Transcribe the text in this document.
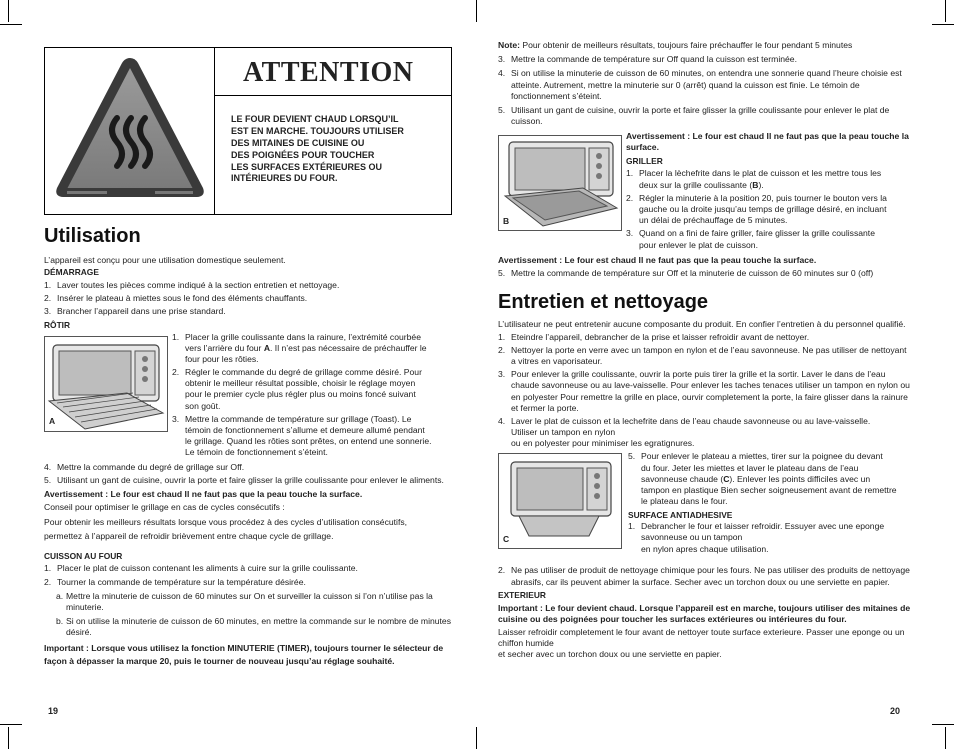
ATTENTION
LE FOUR DEVIENT CHAUD LORSQU’IL
EST EN MARCHE. TOUJOURS UTILISER
DES MITAINES DE CUISINE OU
DES POIGNÉES POUR TOUCHER
LES SURFACES EXTÉRIEURES OU
INTÉRIEURES DU FOUR.
Utilisation

L’appareil est conçu pour une utilisation domestique seulement.

DÉMARRAGE

1. Laver toutes les pièces comme indiqué à la section entretien et nettoyage.
2. Insérer le plateau à miettes sous le fond des éléments chauffants.
3. Brancher l’appareil dans une prise standard.

RÔTIR

A
1. Placer la grille coulissante dans la rainure, l’extrémité courbée
vers l’arrière du four A. Il n’est pas nécessaire de préchauffer le
four pour les rôties.
2. Régler le commande du degré de grillage comme désiré. Pour
obtenir le meilleur résultat possible, choisir le réglage moyen
pour le premier cycle plus régler plus ou moins foncé suivant
son goût.
3. Mettre la commande de température sur grillage (Toast). Le
témoin de fonctionnement s’allume et demeure allumé pendant
le grillage. Quand les rôties sont prêtes, on entend une sonnerie.
Le témoin de fonctionnement s’éteint.
4. Mettre la commande du degré de grillage sur Off.
5. Utilisant un gant de cuisine, ouvrir la porte et faire glisser la grille coulissante pour enlever le aliments.

Avertissement : Le four est chaud Il ne faut pas que la peau touche la surface.

Conseil pour optimiser le grillage en cas de cycles consécutifs :

Pour obtenir les meilleurs résultats lorsque vous procédez à des cycles d’utilisation consécutifs,

permettez à l’appareil de refroidir brièvement entre chaque cycle de grillage.

CUISSON AU FOUR

1. Placer le plat de cuisson contenant les aliments à cuire sur la grille coulissante.
2. Tourner la commande de température sur la température désirée.
a. Mettre la minuterie de cuisson de 60 minutes sur On et surveiller la cuisson si l’on n’utilise pas la minuterie.
b. Si on utilise la minuterie de cuisson de 60 minutes, en mettre la commande sur le nombre de minutes désiré.

Important : Lorsque vous utilisez la fonction MINUTERIE (TIMER), toujours tourner le sélecteur de façon à dépasser la marque 20, puis le tourner de nouveau jusqu’au réglage souhaité.

19

Note: Pour obtenir de meilleurs résultats, toujours faire préchauffer le four pendant 5 minutes

3. Mettre la commande de température sur Off quand la cuisson est terminée.
4. Si on utilise la minuterie de cuisson de 60 minutes, on entendra une sonnerie quand l’heure choisie est atteinte. Autrement, mettre la minuterie sur 0 (arrêt) quand la cuisson est finie. Le témoin de fonctionnement s’éteint.
5. Utilisant un gant de cuisine, ouvrir la porte et faire glisser la grille coulissante pour enlever le plat de cuisson.
B

Avertissement : Le four est chaud Il ne faut pas que la peau touche la surface.

GRILLER

1. Placer la lèchefrite dans le plat de cuisson et les mettre tous les
deux sur la grille coulissante (B).
2. Régler la minuterie à la position 20, puis tourner le bouton vers la
gauche ou la droite jusqu’au temps de grillage désiré, en incluant
un délai de préchauffage de 5 minutes.
3. Quand on a fini de faire griller, faire glisser la grille coulissante
pour enlever le plat de cuisson.

Avertissement : Le four est chaud Il ne faut pas que la peau touche la surface.

5. Mettre la commande de température sur Off et la minuterie de cuisson de 60 minutes sur 0 (off)
Entretien et nettoyage

L’utilisateur ne peut entretenir aucune composante du produit. En confier l’entretien à du personnel qualifié.

1. Eteindre l’appareil, debrancher de la prise et laisser refroidir avant de nettoyer.
2. Nettoyer la porte en verre avec un tampon en nylon et de l’eau savonneuse. Ne pas utiliser de nettoyant a vitres en vaporisateur.
3. Pour enlever la grille coulissante, ouvrir la porte puis tirer la grille et la sortir. Laver le dans de l’eau chaude savonneuse ou au lave-vaisselle. Pour enlever les taches tenaces utiliser un tampon en nylon ou en polyester Pour remettre la grille en place, ourvir completement la porte, la faire glisser dans la rainure et fermer la porte.
4. Laver le plat de cuisson et la lechefrite dans de l’eau chaude savonneuse ou au lave-vaisselle.
Utiliser un tampon en nylon
ou en polyester pour minimiser les egratignures.
C
5. Pour enlever le plateau a miettes, tirer sur la poignee du devant
du four. Jeter les miettes et laver le plateau dans de l’eau
savonneuse chaude (C). Enlever les points difficiles avec un
tampon en plastique Bien secher soigneusement avant de remettre
le plateau dans le four.

SURFACE ANTIADHESIVE

1. Debrancher le four et laisser refroidir. Essuyer avec une eponge
savonneuse ou un tampon
en nylon apres chaque utilisation.
2. Ne pas utiliser de produit de nettoyage chimique pour les fours. Ne pas utiliser des produits de nettoyage abrasifs, car ils peuvent abimer la surface. Secher avec un torchon doux ou une serviette en papier.

EXTERIEUR

Important : Le four devient chaud. Lorsque l’appareil est en marche, toujours utiliser des mitaines de cuisine ou des poignées pour toucher les surfaces extérieures ou intérieures du four.

Laisser refroidir completement le four avant de nettoyer toute surface exterieure. Passer une eponge ou un chiffon humide

et secher avec un torchon doux ou une serviette en papier.

20
